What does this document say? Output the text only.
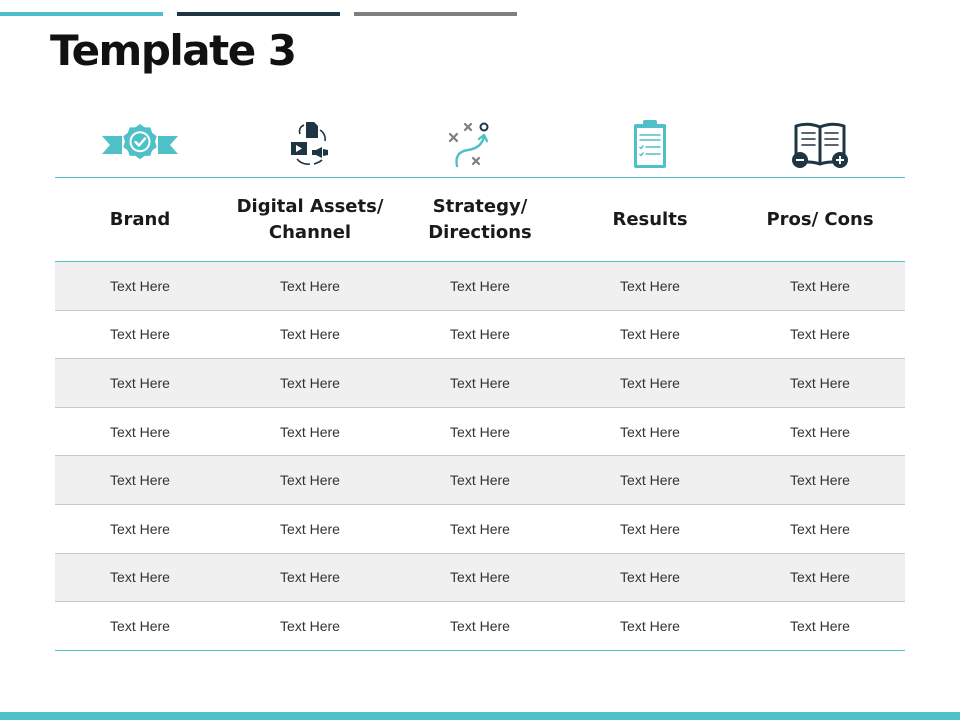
Template 3
Brand	Digital Assets/ Channel	Strategy/ Directions	Results	Pros/ Cons
Text Here	Text Here	Text Here	Text Here	Text Here
Text Here	Text Here	Text Here	Text Here	Text Here
Text Here	Text Here	Text Here	Text Here	Text Here
Text Here	Text Here	Text Here	Text Here	Text Here
Text Here	Text Here	Text Here	Text Here	Text Here
Text Here	Text Here	Text Here	Text Here	Text Here
Text Here	Text Here	Text Here	Text Here	Text Here
Text Here	Text Here	Text Here	Text Here	Text Here
